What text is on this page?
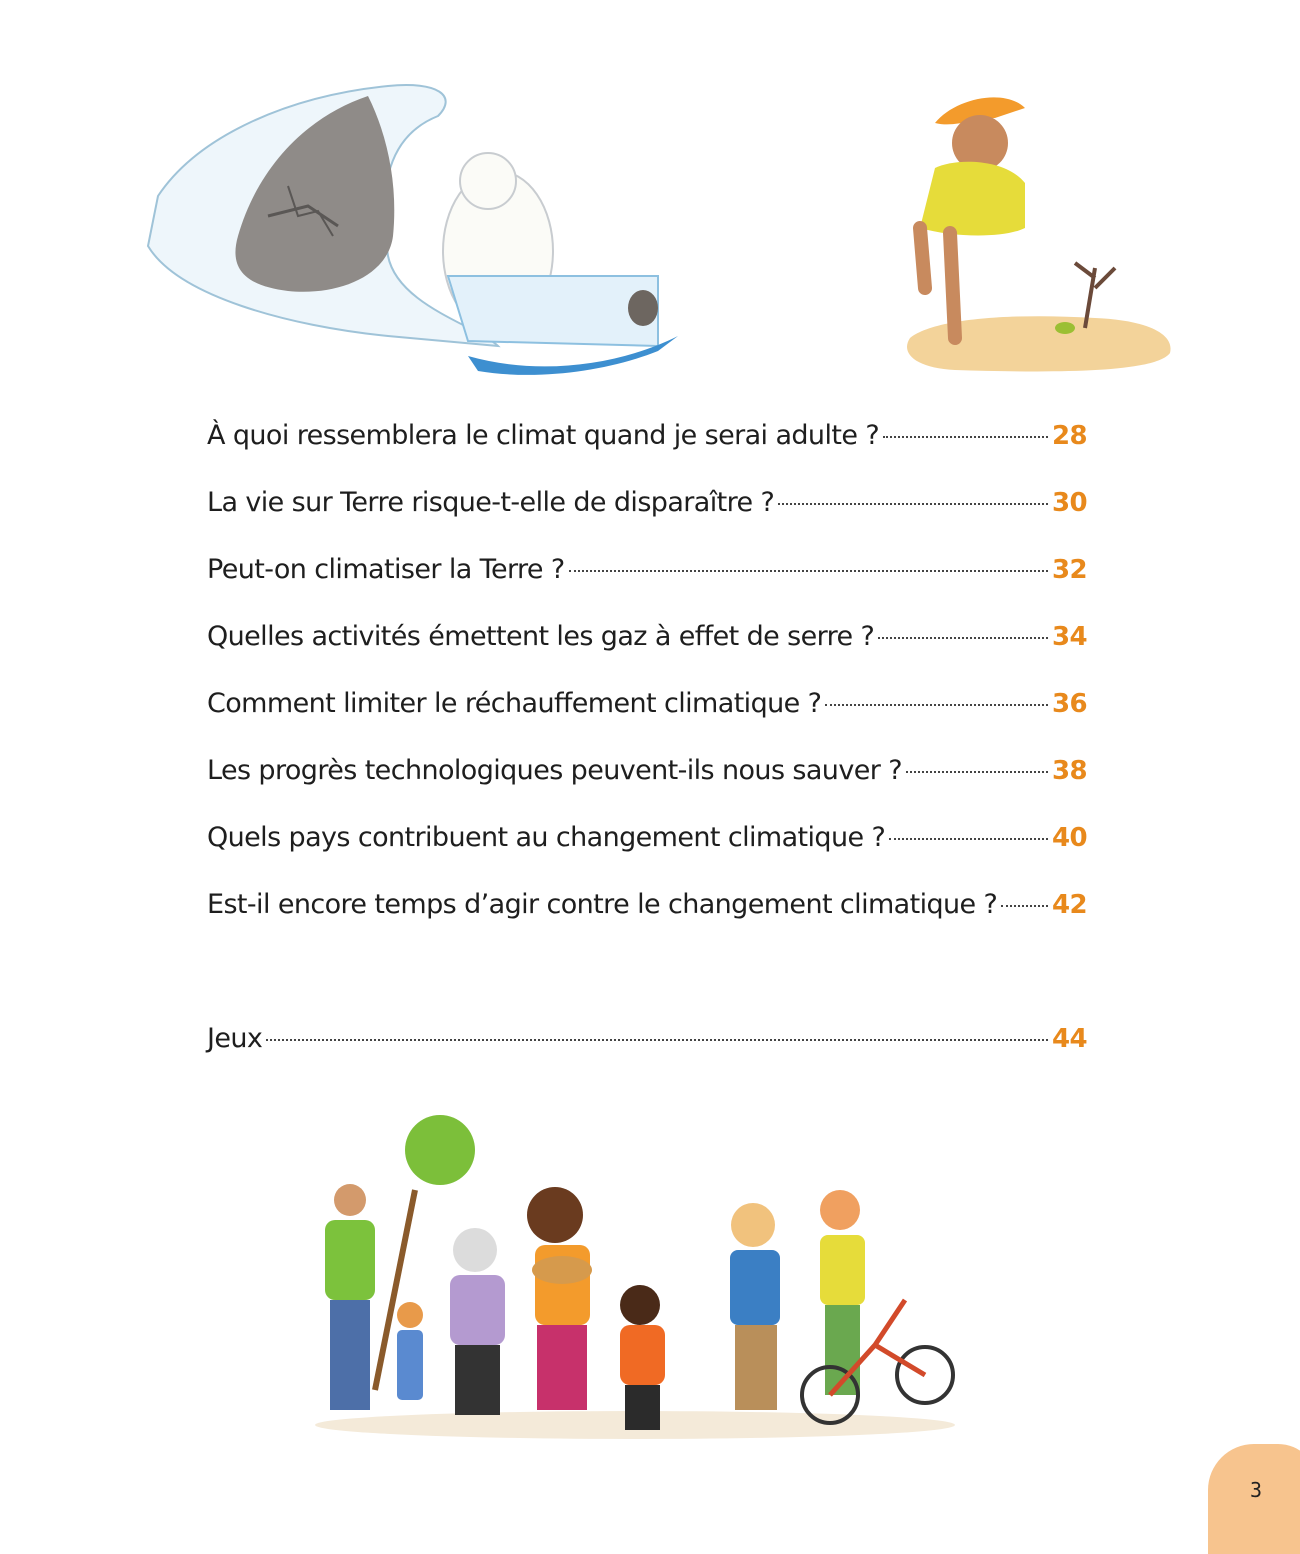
À quoi ressemblera le climat quand je serai adulte ?	28
La vie sur Terre risque-t-elle de disparaître ?	30
Peut-on climatiser la Terre ?	32
Quelles activités émettent les gaz à effet de serre ?	34
Comment limiter le réchauffement climatique ?	36
Les progrès technologiques peuvent-ils nous sauver ?	38
Quels pays contribuent au changement climatique ?	40
Est-il encore temps d’agir contre le changement climatique ? 42
Jeux	44
3
